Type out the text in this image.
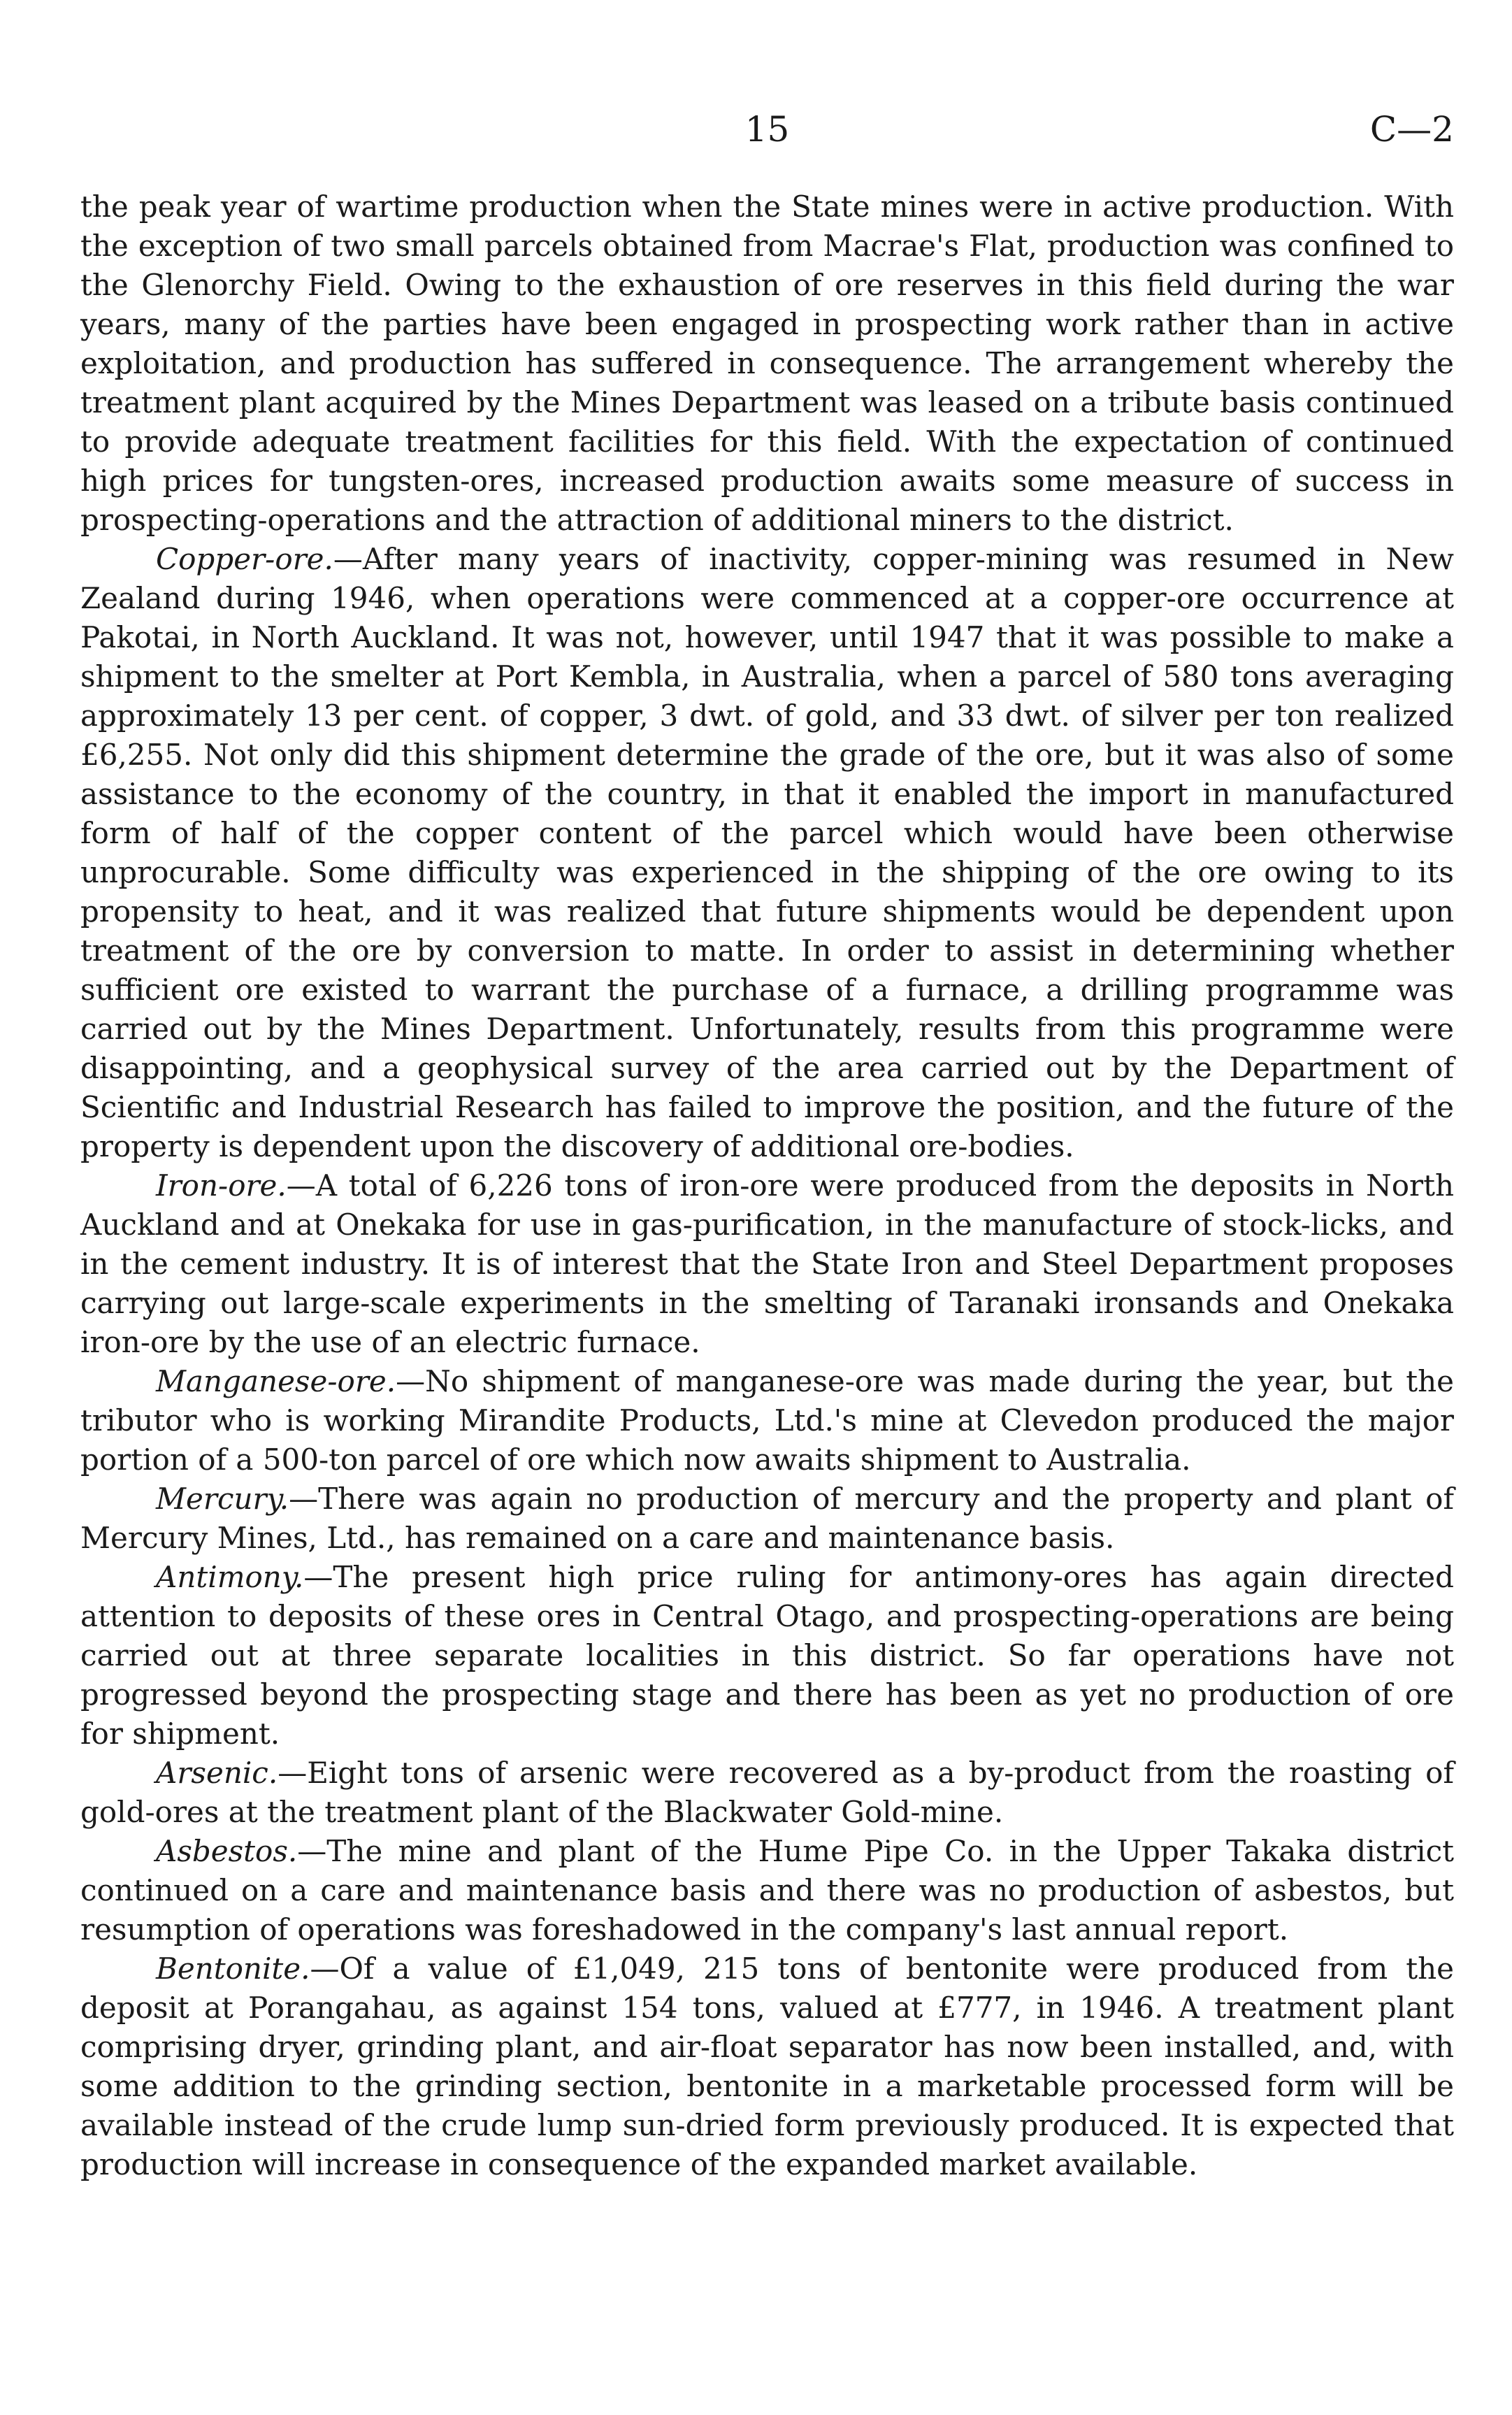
15	C—2

the peak year of wartime production when the State mines were in active production. With the exception of two small parcels obtained from Macrae's Flat, production was confined to the Glenorchy Field. Owing to the exhaustion of ore reserves in this field during the war years, many of the parties have been engaged in prospecting work rather than in active exploitation, and production has suffered in consequence. The arrangement whereby the treatment plant acquired by the Mines Department was leased on a tribute basis continued to provide adequate treatment facilities for this field. With the expectation of continued high prices for tungsten-ores, increased production awaits some measure of success in prospecting-operations and the attraction of additional miners to the district.

Copper-ore.—After many years of inactivity, copper-mining was resumed in New Zealand during 1946, when operations were commenced at a copper-ore occurrence at Pakotai, in North Auckland. It was not, however, until 1947 that it was possible to make a shipment to the smelter at Port Kembla, in Australia, when a parcel of 580 tons averaging approximately 13 per cent. of copper, 3 dwt. of gold, and 33 dwt. of silver per ton realized £6,255. Not only did this shipment determine the grade of the ore, but it was also of some assistance to the economy of the country, in that it enabled the import in manufactured form of half of the copper content of the parcel which would have been otherwise unprocurable. Some difficulty was experienced in the shipping of the ore owing to its propensity to heat, and it was realized that future shipments would be dependent upon treatment of the ore by conversion to matte. In order to assist in determining whether sufficient ore existed to warrant the purchase of a furnace, a drilling programme was carried out by the Mines Department. Unfortunately, results from this programme were disappointing, and a geophysical survey of the area carried out by the Department of Scientific and Industrial Research has failed to improve the position, and the future of the property is dependent upon the discovery of additional ore-bodies.

Iron-ore.—A total of 6,226 tons of iron-ore were produced from the deposits in North Auckland and at Onekaka for use in gas-purification, in the manufacture of stock-licks, and in the cement industry. It is of interest that the State Iron and Steel Department proposes carrying out large-scale experiments in the smelting of Taranaki ironsands and Onekaka iron-ore by the use of an electric furnace.

Manganese-ore.—No shipment of manganese-ore was made during the year, but the tributor who is working Mirandite Products, Ltd.'s mine at Clevedon produced the major portion of a 500-ton parcel of ore which now awaits shipment to Australia.

Mercury.—There was again no production of mercury and the property and plant of Mercury Mines, Ltd., has remained on a care and maintenance basis.

Antimony.—The present high price ruling for antimony-ores has again directed attention to deposits of these ores in Central Otago, and prospecting-operations are being carried out at three separate localities in this district. So far operations have not progressed beyond the prospecting stage and there has been as yet no production of ore for shipment.

Arsenic.—Eight tons of arsenic were recovered as a by-product from the roasting of gold-ores at the treatment plant of the Blackwater Gold-mine.

Asbestos.—The mine and plant of the Hume Pipe Co. in the Upper Takaka district continued on a care and maintenance basis and there was no production of asbestos, but resumption of operations was foreshadowed in the company's last annual report.

Bentonite.—Of a value of £1,049, 215 tons of bentonite were produced from the deposit at Porangahau, as against 154 tons, valued at £777, in 1946. A treatment plant comprising dryer, grinding plant, and air-float separator has now been installed, and, with some addition to the grinding section, bentonite in a marketable processed form will be available instead of the crude lump sun-dried form previously produced. It is expected that production will increase in consequence of the expanded market available.
